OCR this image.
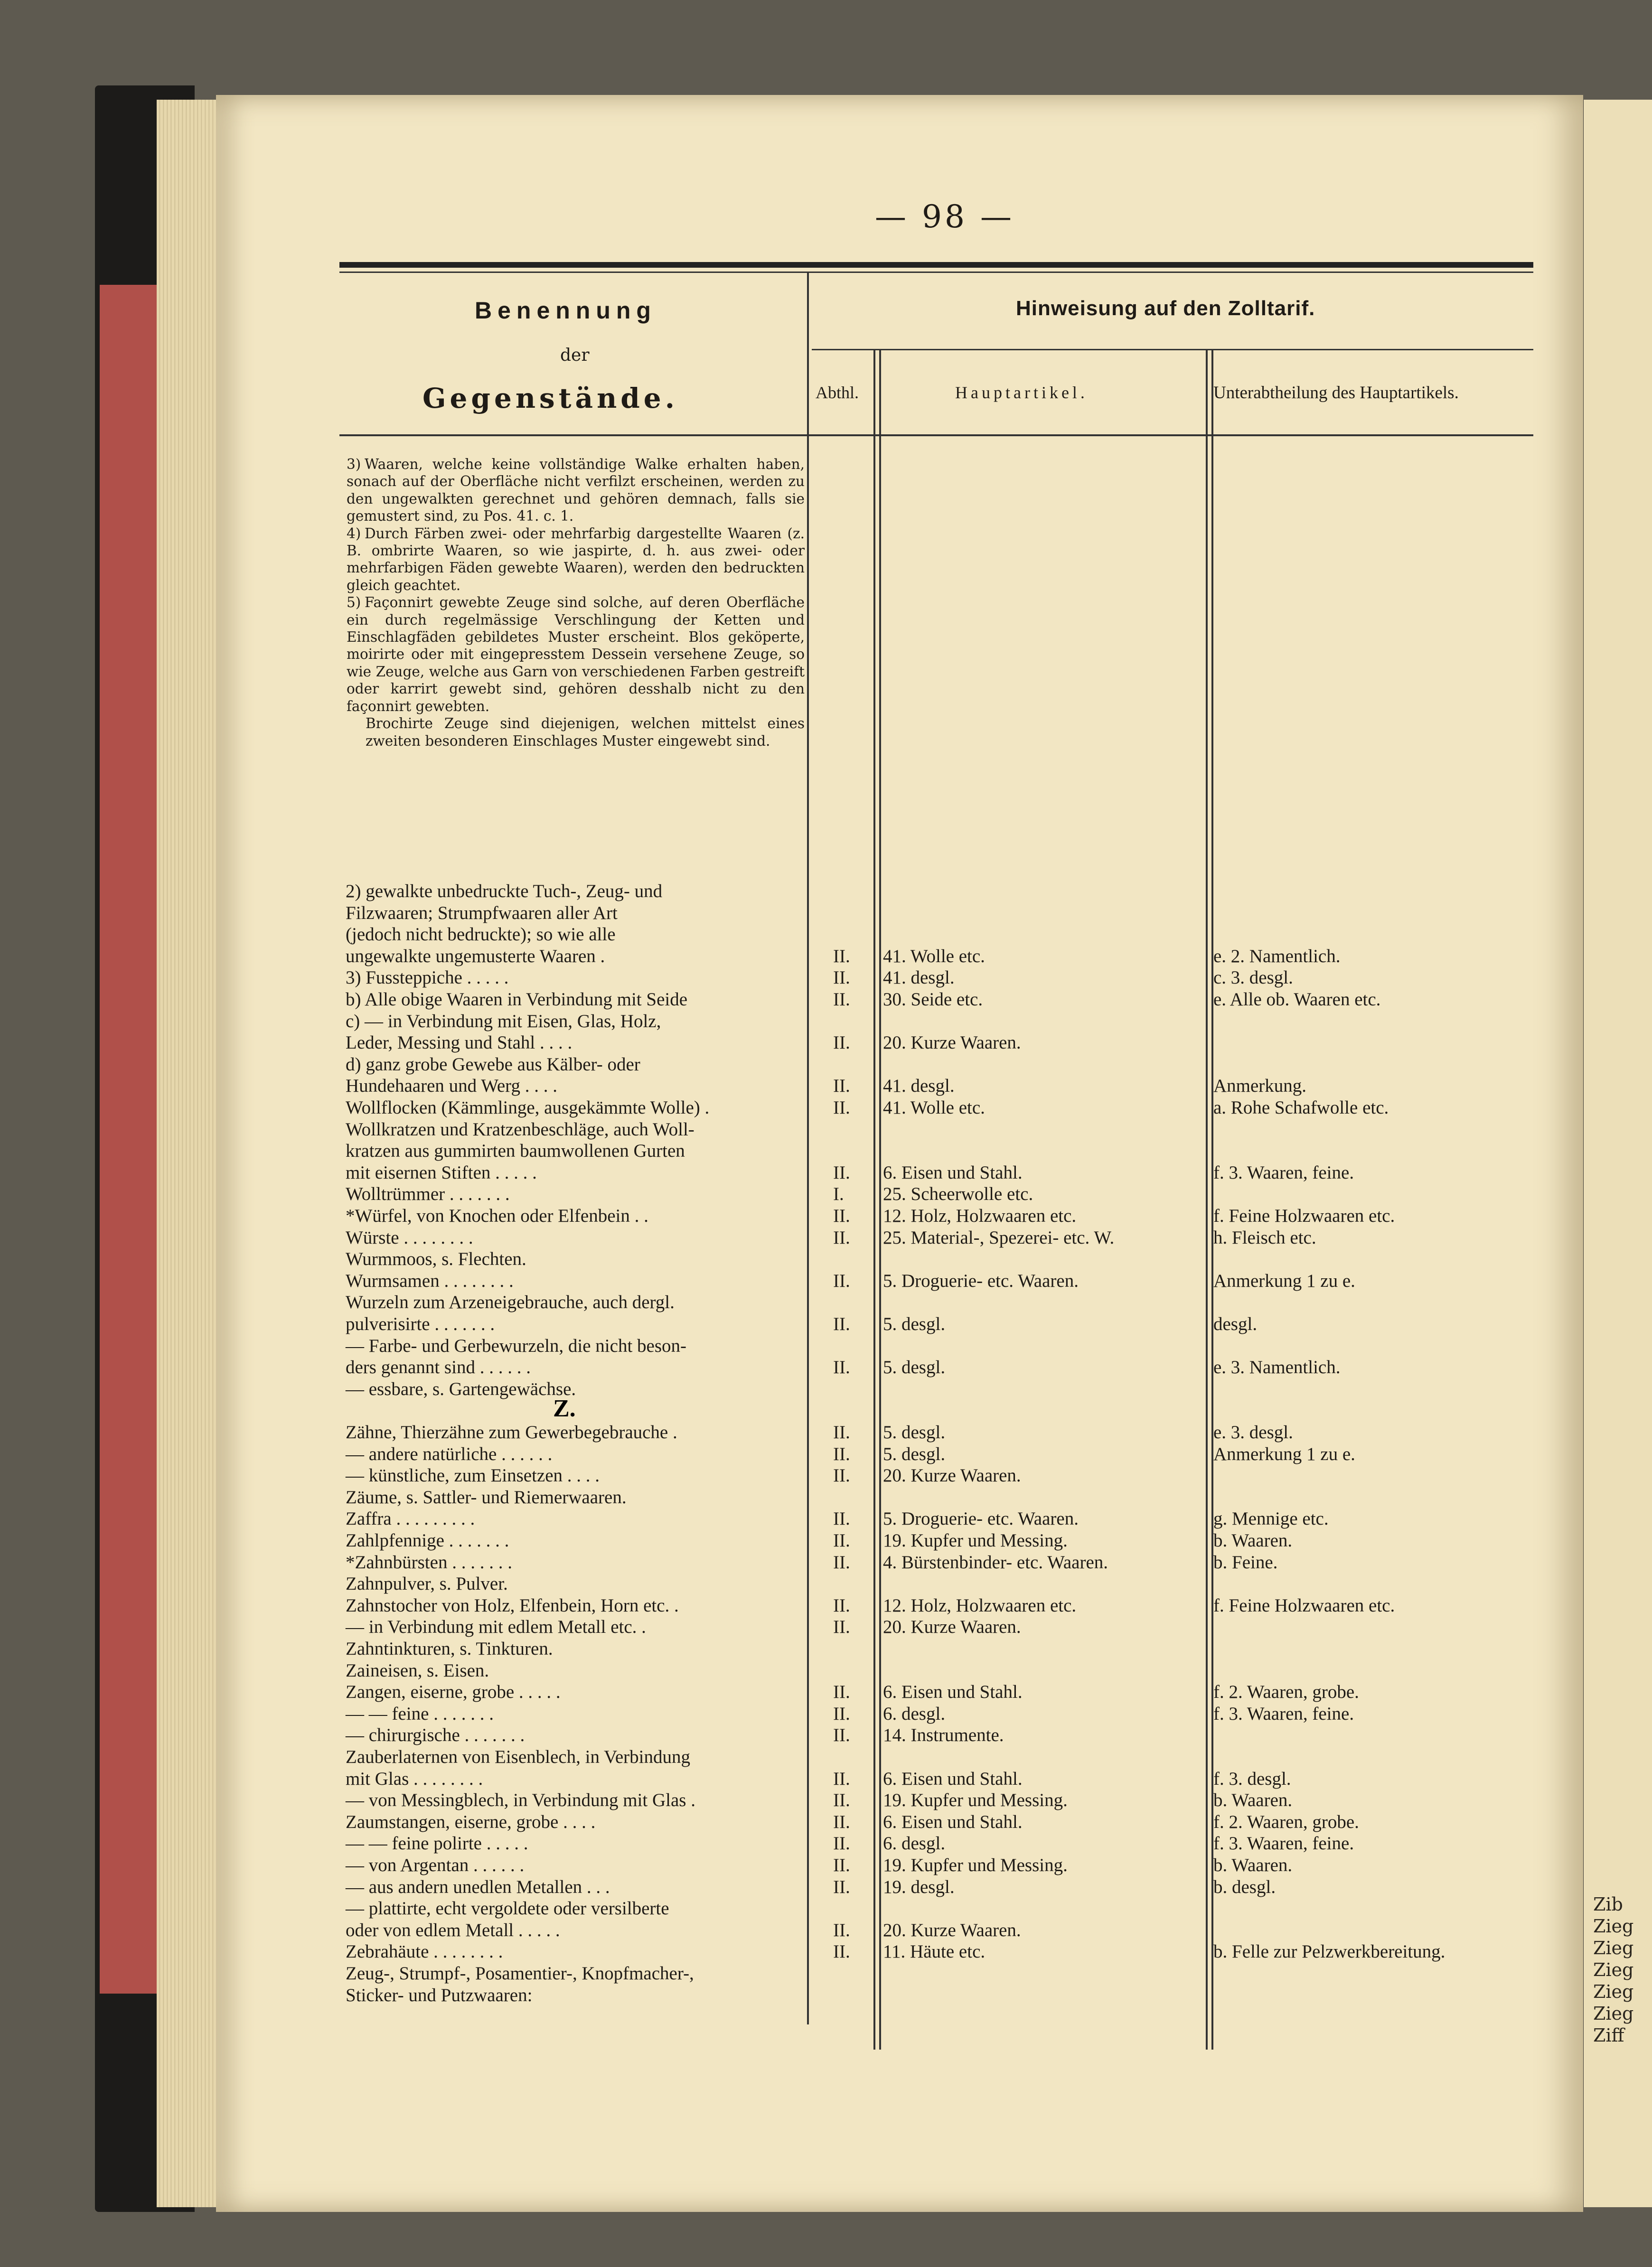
Zib
Zieg
Zieg
Zieg
Zieg
Zieg
Ziff
— 98 —
Benennung
der
Gegenstände.
Hinweisung auf den Zolltarif.
Abthl.	Hauptartikel.	Unterabtheilung des Hauptartikels.

3) Waaren, welche keine vollständige Walke erhalten haben, sonach auf der Oberfläche nicht verfilzt erscheinen, werden zu den ungewalkten gerechnet und gehören demnach, falls sie gemustert sind, zu Pos. 41. c. 1.

4) Durch Färben zwei- oder mehrfarbig dargestellte Waaren (z. B. ombrirte Waaren, so wie jaspirte, d. h. aus zwei- oder mehrfarbigen Fäden gewebte Waaren), werden den bedruckten gleich geachtet.

5) Façonnirt gewebte Zeuge sind solche, auf deren Oberfläche ein durch regelmässige Verschlingung der Ketten und Einschlagfäden gebildetes Muster erscheint. Blos geköperte, moirirte oder mit eingepresstem Dessein versehene Zeuge, so wie Zeuge, welche aus Garn von verschiedenen Farben gestreift oder karrirt gewebt sind, gehören desshalb nicht zu den façonnirt gewebten.

Brochirte Zeuge sind diejenigen, welchen mittelst eines zweiten besonderen Einschlages Muster eingewebt sind.

Z.
2) gewalkte unbedruckte Tuch-, Zeug- und
Filzwaaren; Strumpfwaaren aller Art
(jedoch nicht bedruckte); so wie alle
ungewalkte ungemusterte Waaren .	II. 41. Wolle etc.	e. 2. Namentlich.
3) Fussteppiche . . . . .	II. 41. desgl.	c. 3. desgl.
b) Alle obige Waaren in Verbindung mit Seide	II. 30. Seide etc.	e. Alle ob. Waaren etc.
c) — in Verbindung mit Eisen, Glas, Holz,
Leder, Messing und Stahl . . . .	II. 20. Kurze Waaren.
d) ganz grobe Gewebe aus Kälber- oder
Hundehaaren und Werg . . . .	II. 41. desgl.	Anmerkung.
Wollflocken (Kämmlinge, ausgekämmte Wolle) .	II. 41. Wolle etc.	a. Rohe Schafwolle etc.
Wollkratzen und Kratzenbeschläge, auch Woll-
kratzen aus gummirten baumwollenen Gurten
mit eisernen Stiften . . . . .	II. 6. Eisen und Stahl.	f. 3. Waaren, feine.
Wolltrümmer . . . . . . .	I. 25. Scheerwolle etc.
*Würfel, von Knochen oder Elfenbein . .	II. 12. Holz, Holzwaaren etc.	f. Feine Holzwaaren etc.
Würste . . . . . . . .	II. 25. Material-, Spezerei- etc. W.	h. Fleisch etc.
Wurmmoos, s. Flechten.
Wurmsamen . . . . . . . .	II. 5. Droguerie- etc. Waaren.	Anmerkung 1 zu e.
Wurzeln zum Arzeneigebrauche, auch dergl.
pulverisirte . . . . . . .	II. 5. desgl.	desgl.
— Farbe- und Gerbewurzeln, die nicht beson-
ders genannt sind . . . . . .	II. 5. desgl.	e. 3. Namentlich.
— essbare, s. Gartengewächse.
Zähne, Thierzähne zum Gewerbegebrauche .	II. 5. desgl.	e. 3. desgl.
— andere natürliche . . . . . .	II. 5. desgl.	Anmerkung 1 zu e.
— künstliche, zum Einsetzen . . . .	II. 20. Kurze Waaren.
Zäume, s. Sattler- und Riemerwaaren.
Zaffra . . . . . . . . .	II. 5. Droguerie- etc. Waaren.	g. Mennige etc.
Zahlpfennige . . . . . . .	II. 19. Kupfer und Messing.	b. Waaren.
*Zahnbürsten . . . . . . .	II. 4. Bürstenbinder- etc. Waaren.	b. Feine.
Zahnpulver, s. Pulver.
Zahnstocher von Holz, Elfenbein, Horn etc. .	II. 12. Holz, Holzwaaren etc.	f. Feine Holzwaaren etc.
— in Verbindung mit edlem Metall etc. .	II. 20. Kurze Waaren.
Zahntinkturen, s. Tinkturen.
Zaineisen, s. Eisen.
Zangen, eiserne, grobe . . . . .	II. 6. Eisen und Stahl.	f. 2. Waaren, grobe.
— — feine . . . . . . .	II. 6. desgl.	f. 3. Waaren, feine.
— chirurgische . . . . . . .	II. 14. Instrumente.
Zauberlaternen von Eisenblech, in Verbindung
mit Glas . . . . . . . .	II. 6. Eisen und Stahl.	f. 3. desgl.
— von Messingblech, in Verbindung mit Glas .	II. 19. Kupfer und Messing.	b. Waaren.
Zaumstangen, eiserne, grobe . . . .	II. 6. Eisen und Stahl.	f. 2. Waaren, grobe.
— — feine polirte . . . . .	II. 6. desgl.	f. 3. Waaren, feine.
— von Argentan . . . . . .	II. 19. Kupfer und Messing.	b. Waaren.
— aus andern unedlen Metallen . . .	II. 19. desgl.	b. desgl.
— plattirte, echt vergoldete oder versilberte
oder von edlem Metall . . . . .	II. 20. Kurze Waaren.
Zebrahäute . . . . . . . .	II. 11. Häute etc.	b. Felle zur Pelzwerkbereitung.
Zeug-, Strumpf-, Posamentier-, Knopfmacher-,
Sticker- und Putzwaaren:
